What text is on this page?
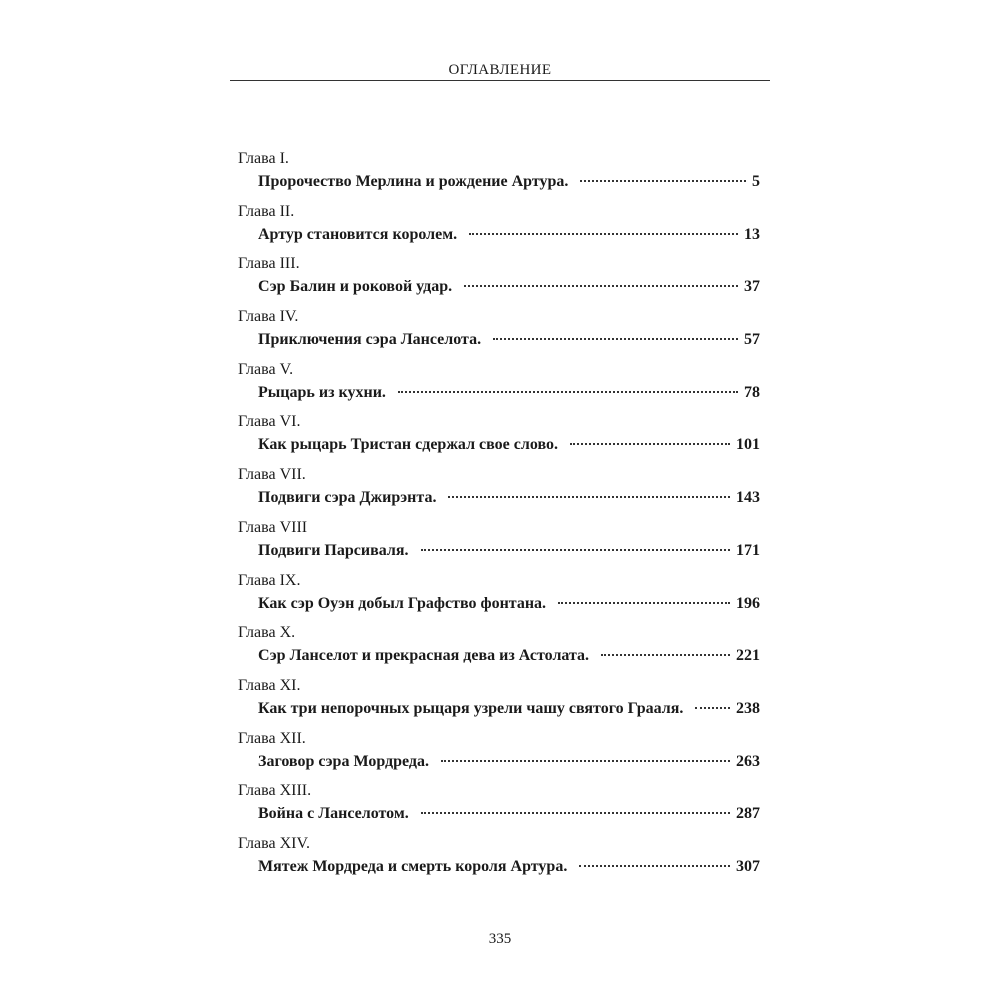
ОГЛАВЛЕНИЕ
Глава I.
Пророчество Мерлина и рождение Артура.	5
Глава II.
Артур становится королем.	13
Глава III.
Сэр Балин и роковой удар.	37
Глава IV.
Приключения сэра Ланселота.	57
Глава V.
Рыцарь из кухни.	78
Глава VI.
Как рыцарь Тристан сдержал свое слово.	101
Глава VII.
Подвиги сэра Джирэнта.	143
Глава VIII
Подвиги Парсиваля.	171
Глава IX.
Как сэр Оуэн добыл Графство фонтана.	196
Глава X.
Сэр Ланселот и прекрасная дева из Астолата.	221
Глава XI.
Как три непорочных рыцаря узрели чашу святого Грааля.	238
Глава XII.
Заговор сэра Мордреда.	263
Глава XIII.
Война с Ланселотом.	287
Глава XIV.
Мятеж Мордреда и смерть короля Артура.	307
335
